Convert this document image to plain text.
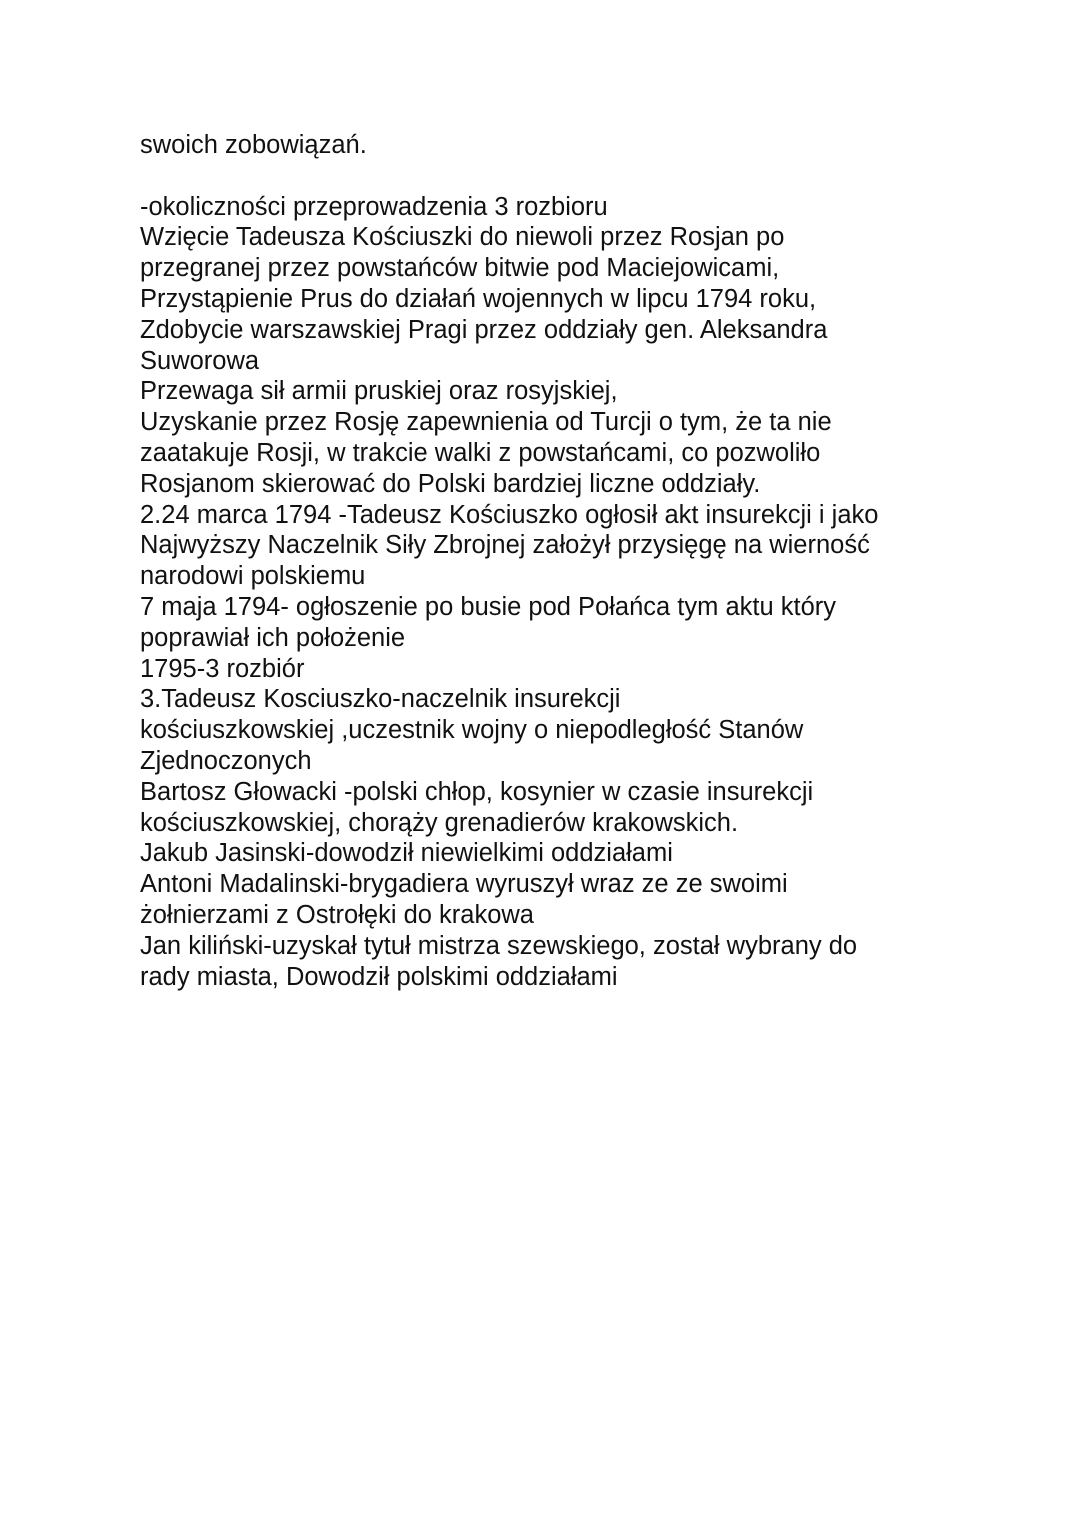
swoich zobowiązań.
-okoliczności przeprowadzenia 3 rozbioru
Wzięcie Tadeusza Kościuszki do niewoli przez Rosjan po
przegranej przez powstańców bitwie pod Maciejowicami,
Przystąpienie Prus do działań wojennych w lipcu 1794 roku,
Zdobycie warszawskiej Pragi przez oddziały gen. Aleksandra
Suworowa
Przewaga sił armii pruskiej oraz rosyjskiej,
Uzyskanie przez Rosję zapewnienia od Turcji o tym, że ta nie
zaatakuje Rosji, w trakcie walki z powstańcami, co pozwoliło
Rosjanom skierować do Polski bardziej liczne oddziały.
2.24 marca 1794 -Tadeusz Kościuszko ogłosił akt insurekcji i jako
Najwyższy Naczelnik Siły Zbrojnej założył przysięgę na wierność
narodowi polskiemu
7 maja 1794- ogłoszenie po busie pod Połańca tym aktu który
poprawiał ich położenie
1795-3 rozbiór
3.Tadeusz Kosciuszko-naczelnik insurekcji
kościuszkowskiej ,uczestnik wojny o niepodległość Stanów
Zjednoczonych
Bartosz Głowacki -polski chłop, kosynier w czasie insurekcji
kościuszkowskiej, chorąży grenadierów krakowskich.
Jakub Jasinski-dowodził niewielkimi oddziałami
Antoni Madalinski-brygadiera wyruszył wraz ze ze swoimi
żołnierzami z Ostrołęki do krakowa
Jan kiliński-uzyskał tytuł mistrza szewskiego, został wybrany do
rady miasta, Dowodził polskimi oddziałami
